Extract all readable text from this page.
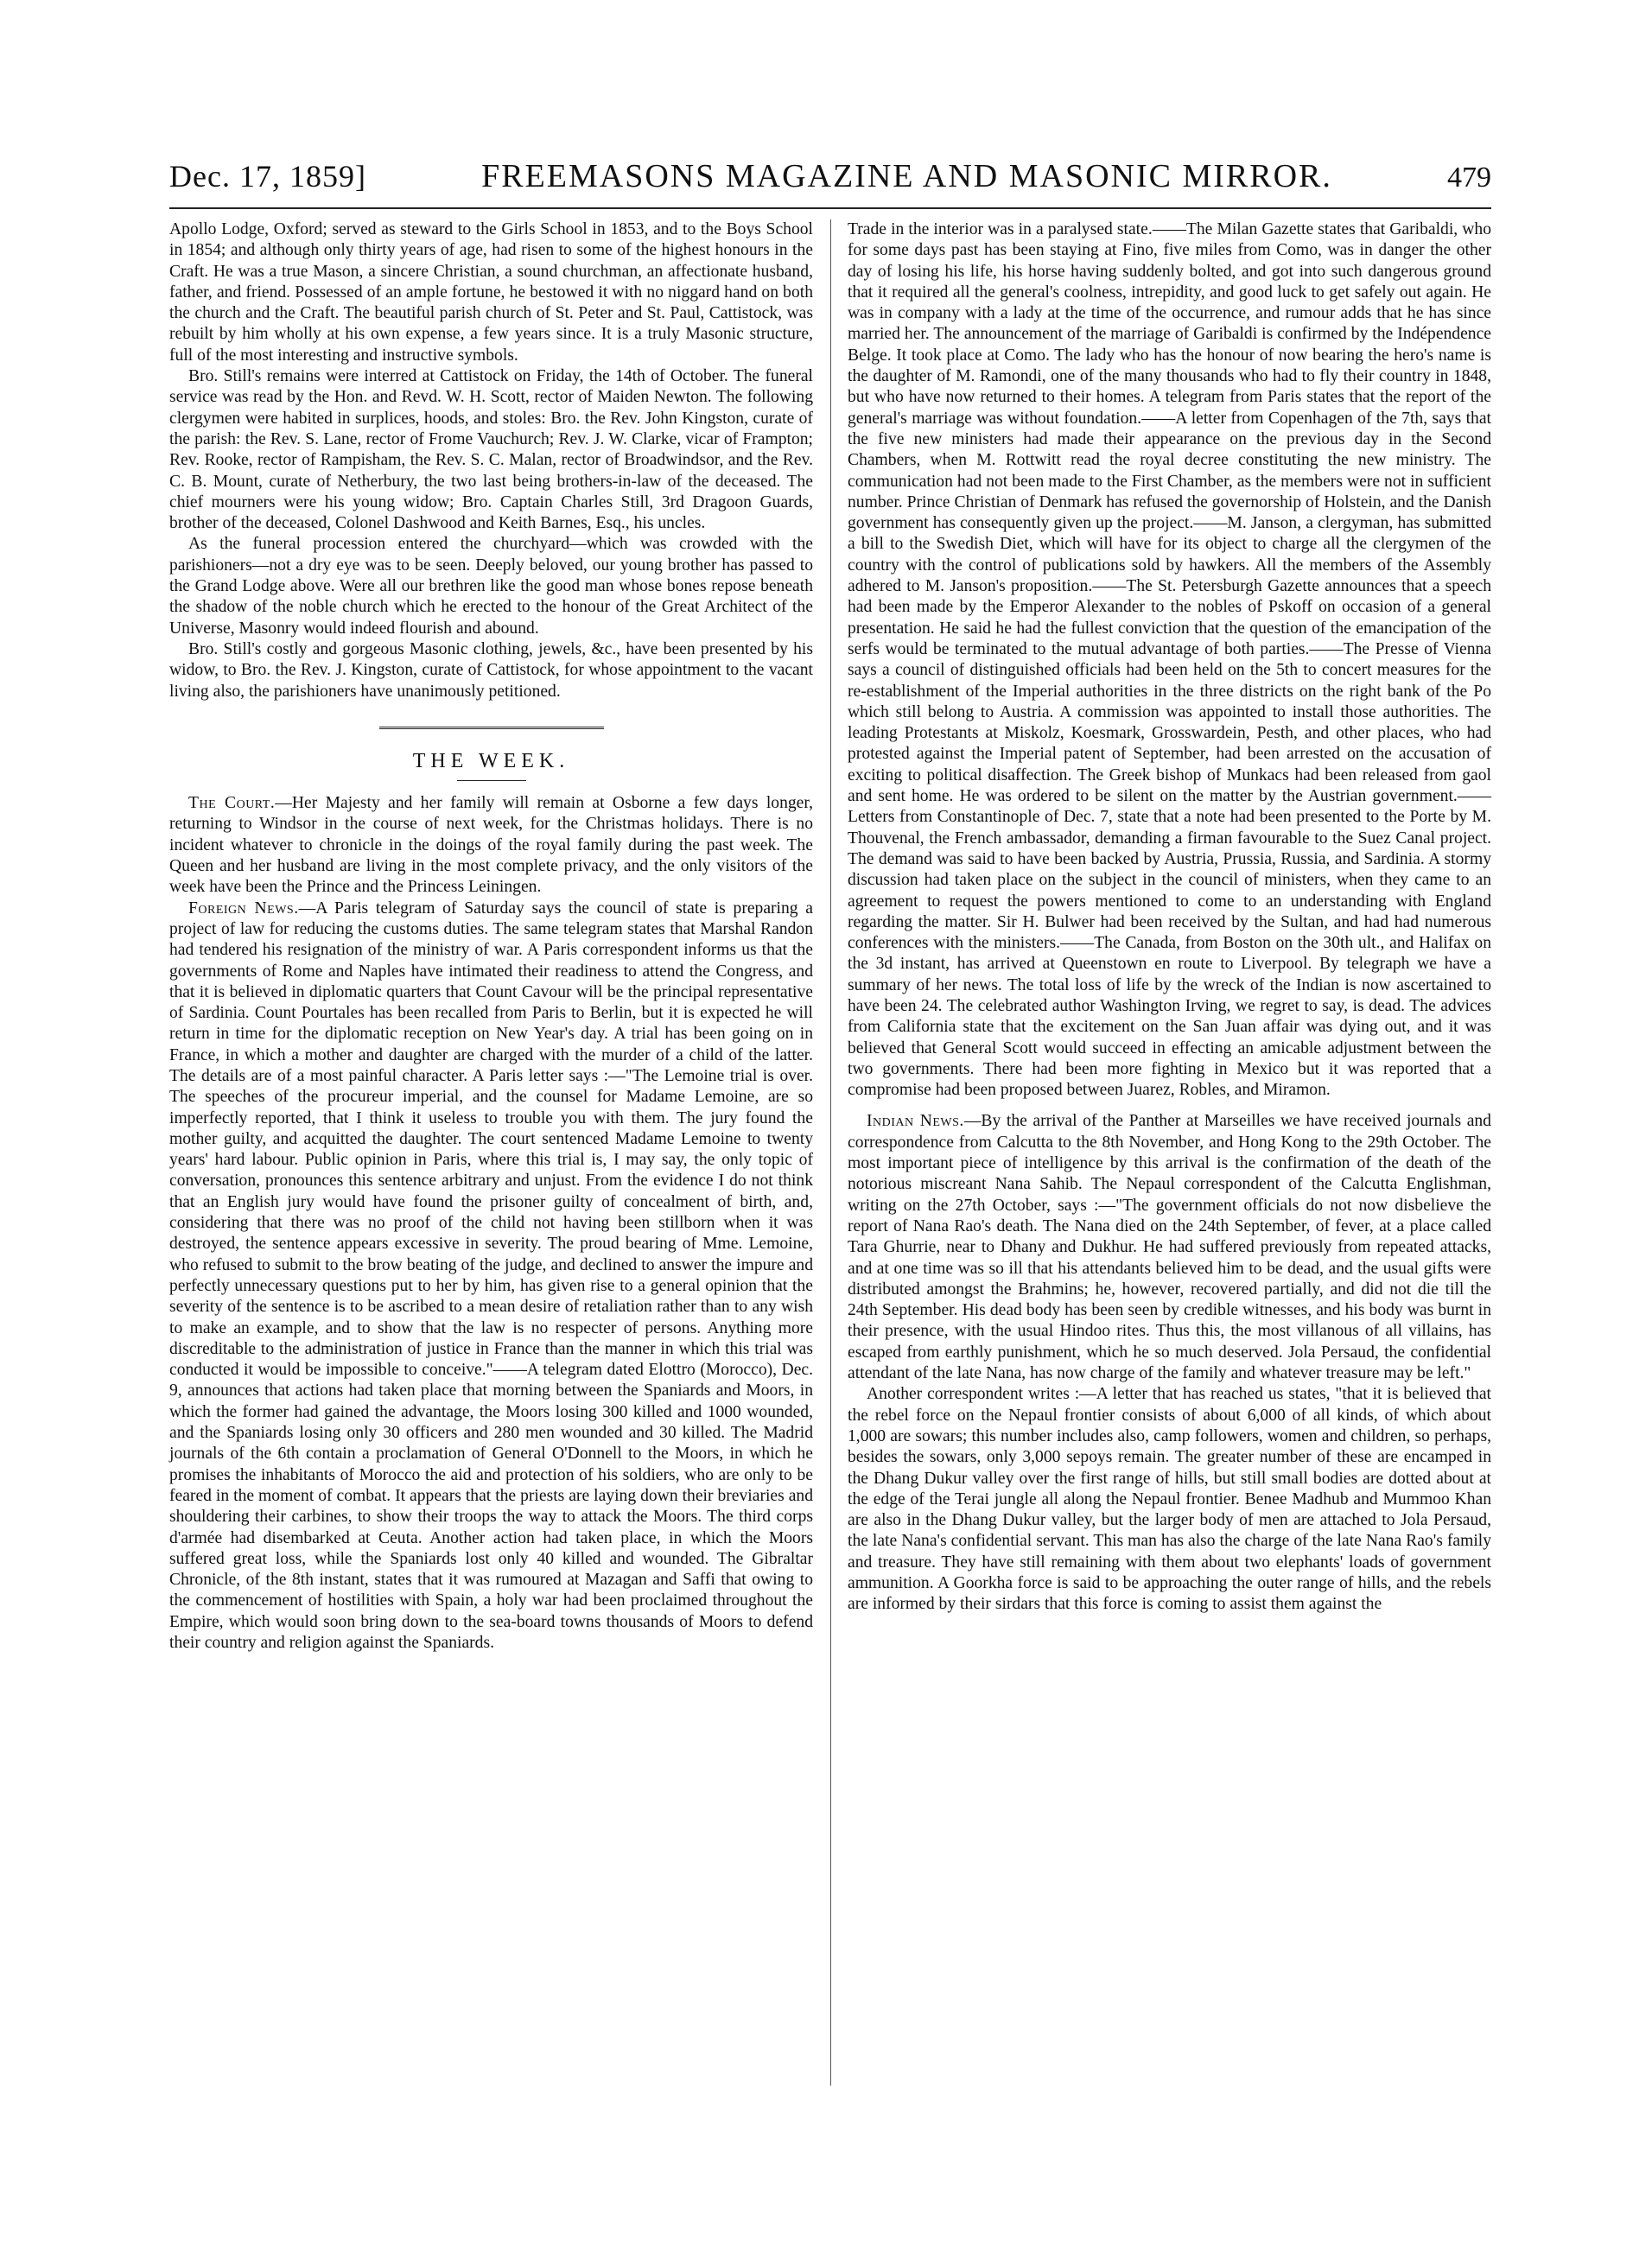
Dec. 17, 1859]	FREEMASONS MAGAZINE AND MASONIC MIRROR.	479

Apollo Lodge, Oxford; served as steward to the Girls School in 1853, and to the Boys School in 1854; and although only thirty years of age, had risen to some of the highest honours in the Craft. He was a true Mason, a sincere Christian, a sound churchman, an affectionate husband, father, and friend. Possessed of an ample fortune, he bestowed it with no niggard hand on both the church and the Craft. The beautiful parish church of St. Peter and St. Paul, Cattistock, was rebuilt by him wholly at his own expense, a few years since. It is a truly Masonic structure, full of the most interesting and instructive symbols.

Bro. Still's remains were interred at Cattistock on Friday, the 14th of October. The funeral service was read by the Hon. and Revd. W. H. Scott, rector of Maiden Newton. The following clergymen were habited in surplices, hoods, and stoles: Bro. the Rev. John Kingston, curate of the parish: the Rev. S. Lane, rector of Frome Vauchurch; Rev. J. W. Clarke, vicar of Frampton; Rev. Rooke, rector of Rampisham, the Rev. S. C. Malan, rector of Broadwindsor, and the Rev. C. B. Mount, curate of Netherbury, the two last being brothers-in-law of the deceased. The chief mourners were his young widow; Bro. Captain Charles Still, 3rd Dragoon Guards, brother of the deceased, Colonel Dashwood and Keith Barnes, Esq., his uncles.

As the funeral procession entered the churchyard—which was crowded with the parishioners—not a dry eye was to be seen. Deeply beloved, our young brother has passed to the Grand Lodge above. Were all our brethren like the good man whose bones repose beneath the shadow of the noble church which he erected to the honour of the Great Architect of the Universe, Masonry would indeed flourish and abound.

Bro. Still's costly and gorgeous Masonic clothing, jewels, &c., have been presented by his widow, to Bro. the Rev. J. Kingston, curate of Cattistock, for whose appointment to the vacant living also, the parishioners have unanimously petitioned.

THE WEEK.

The Court.—Her Majesty and her family will remain at Osborne a few days longer, returning to Windsor in the course of next week, for the Christmas holidays. There is no incident whatever to chronicle in the doings of the royal family during the past week. The Queen and her husband are living in the most complete privacy, and the only visitors of the week have been the Prince and the Princess Leiningen.

Foreign News.—A Paris telegram of Saturday says the council of state is preparing a project of law for reducing the customs duties. The same telegram states that Marshal Randon had tendered his resignation of the ministry of war. A Paris correspondent informs us that the governments of Rome and Naples have intimated their readiness to attend the Congress, and that it is believed in diplomatic quarters that Count Cavour will be the principal representative of Sardinia. Count Pourtales has been recalled from Paris to Berlin, but it is expected he will return in time for the diplomatic reception on New Year's day. A trial has been going on in France, in which a mother and daughter are charged with the murder of a child of the latter. The details are of a most painful character. A Paris letter says :—"The Lemoine trial is over. The speeches of the procureur imperial, and the counsel for Madame Lemoine, are so imperfectly reported, that I think it useless to trouble you with them. The jury found the mother guilty, and acquitted the daughter. The court sentenced Madame Lemoine to twenty years' hard labour. Public opinion in Paris, where this trial is, I may say, the only topic of conversation, pronounces this sentence arbitrary and unjust. From the evidence I do not think that an English jury would have found the prisoner guilty of concealment of birth, and, considering that there was no proof of the child not having been stillborn when it was destroyed, the sentence appears excessive in severity. The proud bearing of Mme. Lemoine, who refused to submit to the brow beating of the judge, and declined to answer the impure and perfectly unnecessary questions put to her by him, has given rise to a general opinion that the severity of the sentence is to be ascribed to a mean desire of retaliation rather than to any wish to make an example, and to show that the law is no respecter of persons. Anything more discreditable to the administration of justice in France than the manner in which this trial was conducted it would be impossible to conceive."——A telegram dated Elottro (Morocco), Dec. 9, announces that actions had taken place that morning between the Spaniards and Moors, in which the former had gained the advantage, the Moors losing 300 killed and 1000 wounded, and the Spaniards losing only 30 officers and 280 men wounded and 30 killed. The Madrid journals of the 6th contain a proclamation of General O'Donnell to the Moors, in which he promises the inhabitants of Morocco the aid and protection of his soldiers, who are only to be feared in the moment of combat. It appears that the priests are laying down their breviaries and shouldering their carbines, to show their troops the way to attack the Moors. The third corps d'armée had disembarked at Ceuta. Another action had taken place, in which the Moors suffered great loss, while the Spaniards lost only 40 killed and wounded. The Gibraltar Chronicle, of the 8th instant, states that it was rumoured at Mazagan and Saffi that owing to the commencement of hostilities with Spain, a holy war had been proclaimed throughout the Empire, which would soon bring down to the sea-board towns thousands of Moors to defend their country and religion against the Spaniards.

Trade in the interior was in a paralysed state.——The Milan Gazette states that Garibaldi, who for some days past has been staying at Fino, five miles from Como, was in danger the other day of losing his life, his horse having suddenly bolted, and got into such dangerous ground that it required all the general's coolness, intrepidity, and good luck to get safely out again. He was in company with a lady at the time of the occurrence, and rumour adds that he has since married her. The announcement of the marriage of Garibaldi is confirmed by the Indépendence Belge. It took place at Como. The lady who has the honour of now bearing the hero's name is the daughter of M. Ramondi, one of the many thousands who had to fly their country in 1848, but who have now returned to their homes. A telegram from Paris states that the report of the general's marriage was without foundation.——A letter from Copenhagen of the 7th, says that the five new ministers had made their appearance on the previous day in the Second Chambers, when M. Rottwitt read the royal decree constituting the new ministry. The communication had not been made to the First Chamber, as the members were not in sufficient number. Prince Christian of Denmark has refused the governorship of Holstein, and the Danish government has consequently given up the project.——M. Janson, a clergyman, has submitted a bill to the Swedish Diet, which will have for its object to charge all the clergymen of the country with the control of publications sold by hawkers. All the members of the Assembly adhered to M. Janson's proposition.——The St. Petersburgh Gazette announces that a speech had been made by the Emperor Alexander to the nobles of Pskoff on occasion of a general presentation. He said he had the fullest conviction that the question of the emancipation of the serfs would be terminated to the mutual advantage of both parties.——The Presse of Vienna says a council of distinguished officials had been held on the 5th to concert measures for the re-establishment of the Imperial authorities in the three districts on the right bank of the Po which still belong to Austria. A commission was appointed to install those authorities. The leading Protestants at Miskolz, Koesmark, Grosswardein, Pesth, and other places, who had protested against the Imperial patent of September, had been arrested on the accusation of exciting to political disaffection. The Greek bishop of Munkacs had been released from gaol and sent home. He was ordered to be silent on the matter by the Austrian government.——Letters from Constantinople of Dec. 7, state that a note had been presented to the Porte by M. Thouvenal, the French ambassador, demanding a firman favourable to the Suez Canal project. The demand was said to have been backed by Austria, Prussia, Russia, and Sardinia. A stormy discussion had taken place on the subject in the council of ministers, when they came to an agreement to request the powers mentioned to come to an understanding with England regarding the matter. Sir H. Bulwer had been received by the Sultan, and had had numerous conferences with the ministers.——The Canada, from Boston on the 30th ult., and Halifax on the 3d instant, has arrived at Queenstown en route to Liverpool. By telegraph we have a summary of her news. The total loss of life by the wreck of the Indian is now ascertained to have been 24. The celebrated author Washington Irving, we regret to say, is dead. The advices from California state that the excitement on the San Juan affair was dying out, and it was believed that General Scott would succeed in effecting an amicable adjustment between the two governments. There had been more fighting in Mexico but it was reported that a compromise had been proposed between Juarez, Robles, and Miramon.

Indian News.—By the arrival of the Panther at Marseilles we have received journals and correspondence from Calcutta to the 8th November, and Hong Kong to the 29th October. The most important piece of intelligence by this arrival is the confirmation of the death of the notorious miscreant Nana Sahib. The Nepaul correspondent of the Calcutta Englishman, writing on the 27th October, says :—"The government officials do not now disbelieve the report of Nana Rao's death. The Nana died on the 24th September, of fever, at a place called Tara Ghurrie, near to Dhany and Dukhur. He had suffered previously from repeated attacks, and at one time was so ill that his attendants believed him to be dead, and the usual gifts were distributed amongst the Brahmins; he, however, recovered partially, and did not die till the 24th September. His dead body has been seen by credible witnesses, and his body was burnt in their presence, with the usual Hindoo rites. Thus this, the most villanous of all villains, has escaped from earthly punishment, which he so much deserved. Jola Persaud, the confidential attendant of the late Nana, has now charge of the family and whatever treasure may be left."

Another correspondent writes :—A letter that has reached us states, "that it is believed that the rebel force on the Nepaul frontier consists of about 6,000 of all kinds, of which about 1,000 are sowars; this number includes also, camp followers, women and children, so perhaps, besides the sowars, only 3,000 sepoys remain. The greater number of these are encamped in the Dhang Dukur valley over the first range of hills, but still small bodies are dotted about at the edge of the Terai jungle all along the Nepaul frontier. Benee Madhub and Mummoo Khan are also in the Dhang Dukur valley, but the larger body of men are attached to Jola Persaud, the late Nana's confidential servant. This man has also the charge of the late Nana Rao's family and treasure. They have still remaining with them about two elephants' loads of government ammunition. A Goorkha force is said to be approaching the outer range of hills, and the rebels are informed by their sirdars that this force is coming to assist them against the
